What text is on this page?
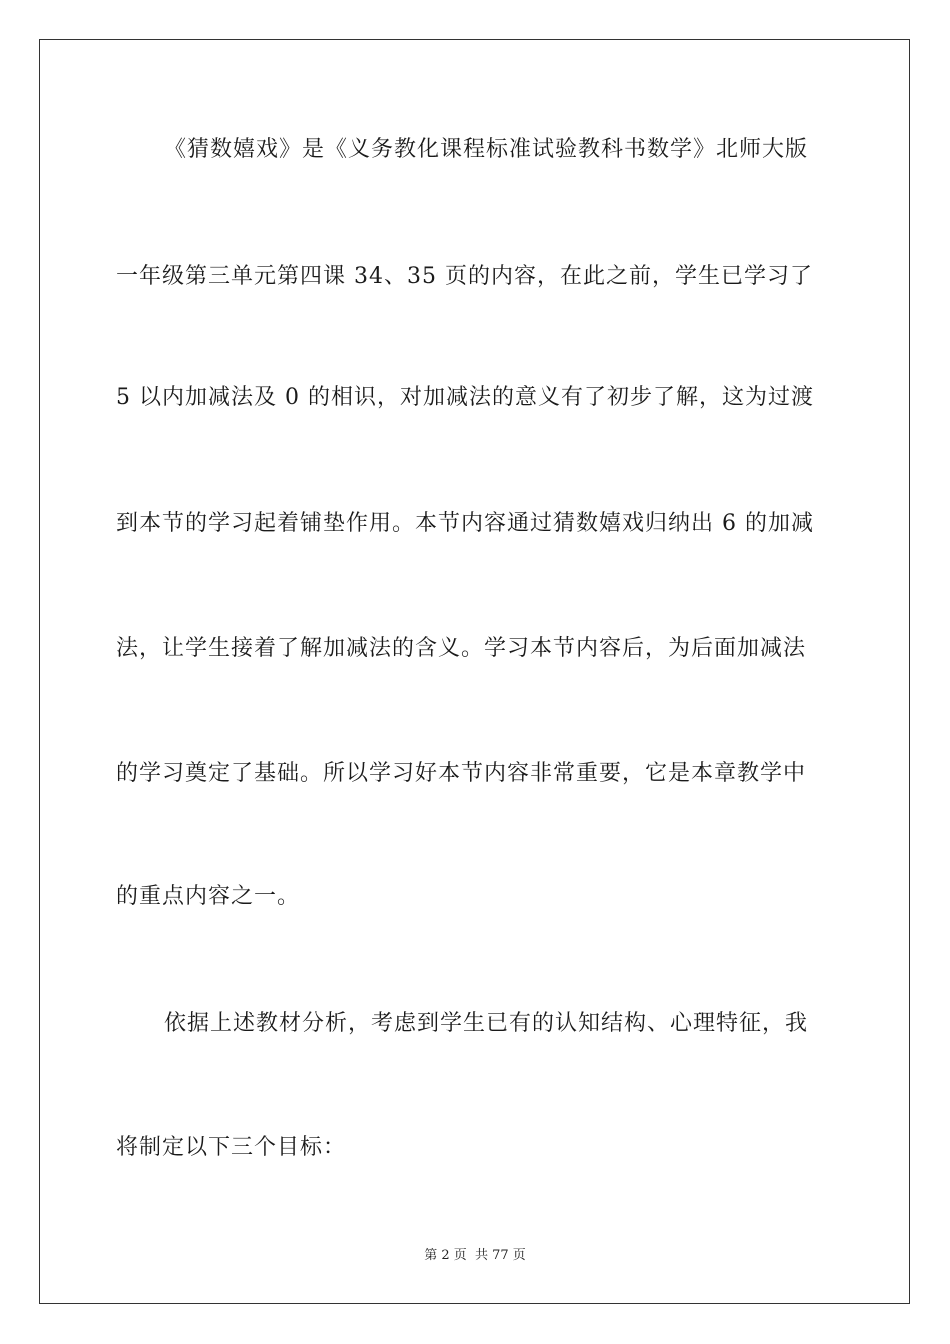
《猜数嬉戏》是《义务教化课程标准试验教科书数学》北师大版
一年级第三单元第四课 34、35 页的内容，在此之前，学生已学习了
5 以内加减法及 0 的相识，对加减法的意义有了初步了解，这为过渡
到本节的学习起着铺垫作用。本节内容通过猜数嬉戏归纳出 6 的加减
法，让学生接着了解加减法的含义。学习本节内容后，为后面加减法
的学习奠定了基础。所以学习好本节内容非常重要，它是本章教学中
的重点内容之一。
依据上述教材分析，考虑到学生已有的认知结构、心理特征，我
将制定以下三个目标：
第 2 页 共 77 页
